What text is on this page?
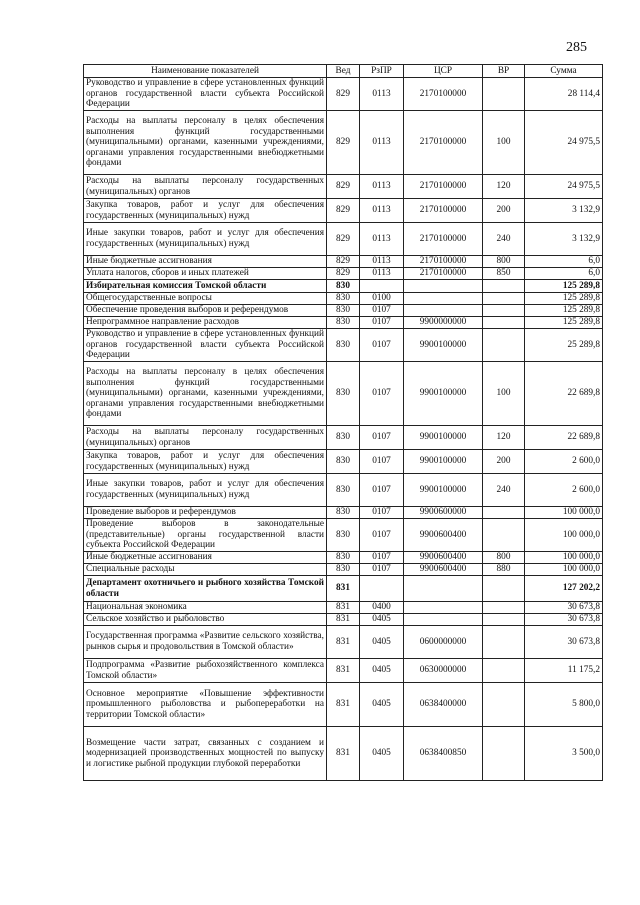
285
Наименование показателей	Вед	РзПР	ЦСР	ВР	Сумма
Руководство и управление в сфере установленных функций органов государственной власти субъекта Российской Федерации	829	0113	2170100000		28 114,4
Расходы на выплаты персоналу в целях обеспечения выполнения функций государственными (муниципальными) органами, казенными учреждениями, органами управления государственными внебюджетными фондами	829	0113	2170100000	100	24 975,5
Расходы на выплаты персоналу государственных (муниципальных) органов	829	0113	2170100000	120	24 975,5
Закупка товаров, работ и услуг для обеспечения государственных (муниципальных) нужд	829	0113	2170100000	200	3 132,9
Иные закупки товаров, работ и услуг для обеспечения государственных (муниципальных) нужд	829	0113	2170100000	240	3 132,9
Иные бюджетные ассигнования	829	0113	2170100000	800	6,0
Уплата налогов, сборов и иных платежей	829	0113	2170100000	850	6,0
Избирательная комиссия Томской области	830				125 289,8
Общегосударственные вопросы	830	0100			125 289,8
Обеспечение проведения выборов и референдумов	830	0107			125 289,8
Непрограммное направление расходов	830	0107	9900000000		125 289,8
Руководство и управление в сфере установленных функций органов государственной власти субъекта Российской Федерации	830	0107	9900100000		25 289,8
Расходы на выплаты персоналу в целях обеспечения выполнения функций государственными (муниципальными) органами, казенными учреждениями, органами управления государственными внебюджетными фондами	830	0107	9900100000	100	22 689,8
Расходы на выплаты персоналу государственных (муниципальных) органов	830	0107	9900100000	120	22 689,8
Закупка товаров, работ и услуг для обеспечения государственных (муниципальных) нужд	830	0107	9900100000	200	2 600,0
Иные закупки товаров, работ и услуг для обеспечения государственных (муниципальных) нужд	830	0107	9900100000	240	2 600,0
Проведение выборов и референдумов	830	0107	9900600000		100 000,0
Проведение выборов в законодательные (представительные) органы государственной власти субъекта Российской Федерации	830	0107	9900600400		100 000,0
Иные бюджетные ассигнования	830	0107	9900600400	800	100 000,0
Специальные расходы	830	0107	9900600400	880	100 000,0
Департамент охотничьего и рыбного хозяйства Томской области	831				127 202,2
Национальная экономика	831	0400			30 673,8
Сельское хозяйство и рыболовство	831	0405			30 673,8
Государственная программа «Развитие сельского хозяйства, рынков сырья и продовольствия в Томской области»	831	0405	0600000000		30 673,8
Подпрограмма «Развитие рыбохозяйственного комплекса Томской области»	831	0405	0630000000		11 175,2
Основное мероприятие «Повышение эффективности промышленного рыболовства и рыбопереработки на территории Томской области»	831	0405	0638400000		5 800,0
Возмещение части затрат, связанных с созданием и модернизацией производственных мощностей по выпуску и логистике рыбной продукции глубокой переработки	831	0405	0638400850		3 500,0
